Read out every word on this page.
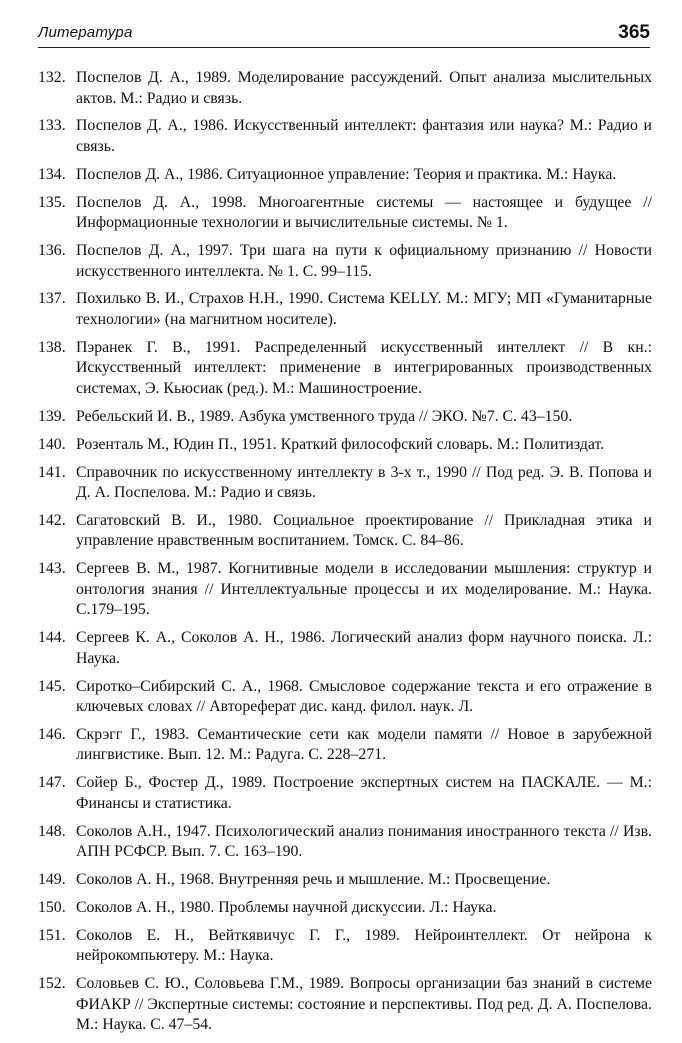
Литература	365
132. Поспелов Д. А., 1989. Моделирование рассуждений. Опыт анализа мыслительных актов. М.: Радио и связь.
133. Поспелов Д. А., 1986. Искусственный интеллект: фантазия или наука? М.: Радио и связь.
134. Поспелов Д. А., 1986. Ситуационное управление: Теория и практика. М.: Наука.
135. Поспелов Д. А., 1998. Многоагентные системы — настоящее и будущее // Информационные технологии и вычислительные системы. № 1.
136. Поспелов Д. А., 1997. Три шага на пути к официальному признанию // Новости искусственного интеллекта. № 1. С. 99–115.
137. Похилько В. И., Страхов Н.Н., 1990. Система KELLY. М.: МГУ; МП «Гуманитарные технологии» (на магнитном носителе).
138. Пэранек Г. В., 1991. Распределенный искусственный интеллект // В кн.: Искусственный интеллект: применение в интегрированных производственных системах, Э. Кьюсиак (ред.). М.: Машиностроение.
139. Ребельский И. В., 1989. Азбука умственного труда // ЭКО. №7. С. 43–150.
140. Розенталь М., Юдин П., 1951. Краткий философский словарь. М.: Политиздат.
141. Справочник по искусственному интеллекту в 3-х т., 1990 // Под ред. Э. В. Попова и Д. А. Поспелова. М.: Радио и связь.
142. Сагатовский В. И., 1980. Социальное проектирование // Прикладная этика и управление нравственным воспитанием. Томск. С. 84–86.
143. Сергеев В. М., 1987. Когнитивные модели в исследовании мышления: структур и онтология знания // Интеллектуальные процессы и их моделирование. М.: Наука. С.179–195.
144. Сергеев К. А., Соколов А. Н., 1986. Логический анализ форм научного поиска. Л.: Наука.
145. Сиротко–Сибирский С. А., 1968. Смысловое содержание текста и его отражение в ключевых словах // Автореферат дис. канд. филол. наук. Л.
146. Скрэгг Г., 1983. Семантические сети как модели памяти // Новое в зарубежной лингвистике. Вып. 12. М.: Радуга. С. 228–271.
147. Сойер Б., Фостер Д., 1989. Построение экспертных систем на ПАСКАЛЕ. — М.: Финансы и статистика.
148. Соколов А.Н., 1947. Психологический анализ понимания иностранного текста // Изв. АПН РСФСР. Вып. 7. С. 163–190.
149. Соколов А. Н., 1968. Внутренняя речь и мышление. М.: Просвещение.
150. Соколов А. Н., 1980. Проблемы научной дискуссии. Л.: Наука.
151. Соколов Е. Н., Вейткявичус Г. Г., 1989. Нейроинтеллект. От нейрона к нейрокомпьютеру. М.: Наука.
152. Соловьев С. Ю., Соловьева Г.М., 1989. Вопросы организации баз знаний в системе ФИАКР // Экспертные системы: состояние и перспективы. Под ред. Д. А. Поспелова. М.: Наука. С. 47–54.
